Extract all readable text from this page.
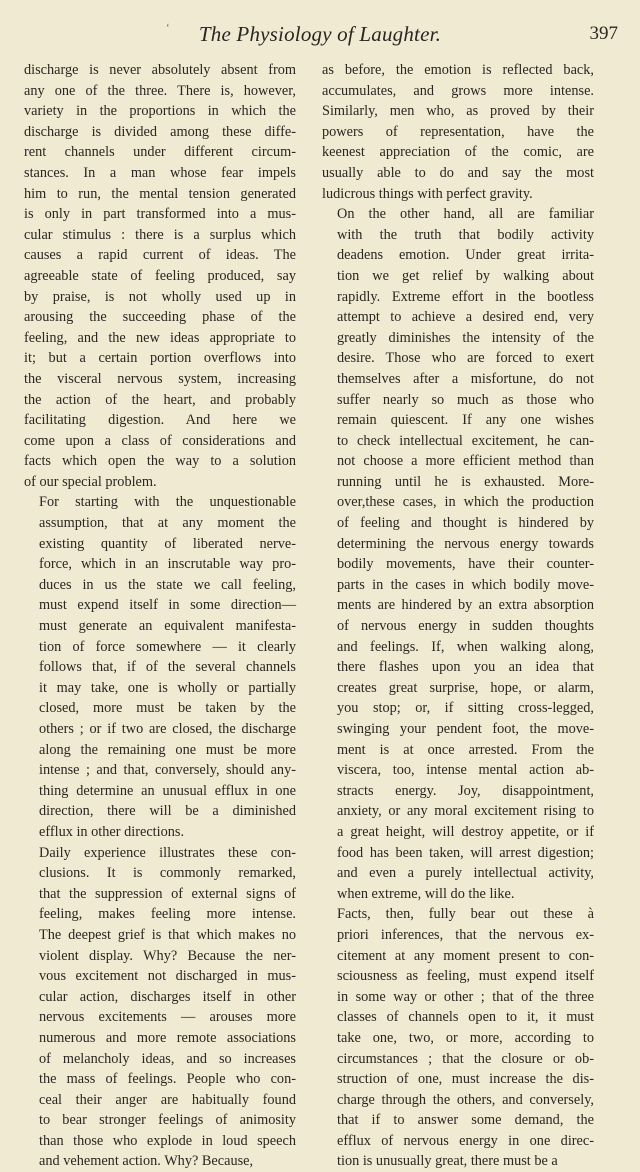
‘	The Physiology of Laughter.	397

discharge is never absolutely absent from
any one of the three. There is, however,
variety in the proportions in which the
discharge is divided among these diffe-
rent channels under different circum-
stances. In a man whose fear impels
him to run, the mental tension generated
is only in part transformed into a mus-
cular stimulus : there is a surplus which
causes a rapid current of ideas. The
agreeable state of feeling produced, say
by praise, is not wholly used up in
arousing the succeeding phase of the
feeling, and the new ideas appropriate to
it; but a certain portion overflows into
the visceral nervous system, increasing
the action of the heart, and probably
facilitating digestion. And here we
come upon a class of considerations and
facts which open the way to a solution
of our special problem.

For starting with the unquestionable
assumption, that at any moment the
existing quantity of liberated nerve-
force, which in an inscrutable way pro-
duces in us the state we call feeling,
must expend itself in some direction—
must generate an equivalent manifesta-
tion of force somewhere — it clearly
follows that, if of the several channels
it may take, one is wholly or partially
closed, more must be taken by the
others ; or if two are closed, the discharge
along the remaining one must be more
intense ; and that, conversely, should any-
thing determine an unusual efflux in one
direction, there will be a diminished
efflux in other directions.

Daily experience illustrates these con-
clusions. It is commonly remarked,
that the suppression of external signs of
feeling, makes feeling more intense.
The deepest grief is that which makes no
violent display. Why? Because the ner-
vous excitement not discharged in mus-
cular action, discharges itself in other
nervous excitements — arouses more
numerous and more remote associations
of melancholy ideas, and so increases
the mass of feelings. People who con-
ceal their anger are habitually found
to bear stronger feelings of animosity
than those who explode in loud speech
and vehement action. Why? Because,

as before, the emotion is reflected back,
accumulates, and grows more intense.
Similarly, men who, as proved by their
powers of representation, have the
keenest appreciation of the comic, are
usually able to do and say the most
ludicrous things with perfect gravity.

On the other hand, all are familiar
with the truth that bodily activity
deadens emotion. Under great irrita-
tion we get relief by walking about
rapidly. Extreme effort in the bootless
attempt to achieve a desired end, very
greatly diminishes the intensity of the
desire. Those who are forced to exert
themselves after a misfortune, do not
suffer nearly so much as those who
remain quiescent. If any one wishes
to check intellectual excitement, he can-
not choose a more efficient method than
running until he is exhausted. More-
over,these cases, in which the production
of feeling and thought is hindered by
determining the nervous energy towards
bodily movements, have their counter-
parts in the cases in which bodily move-
ments are hindered by an extra absorption
of nervous energy in sudden thoughts
and feelings. If, when walking along,
there flashes upon you an idea that
creates great surprise, hope, or alarm,
you stop; or, if sitting cross-legged,
swinging your pendent foot, the move-
ment is at once arrested. From the
viscera, too, intense mental action ab-
stracts energy. Joy, disappointment,
anxiety, or any moral excitement rising to
a great height, will destroy appetite, or if
food has been taken, will arrest digestion;
and even a purely intellectual activity,
when extreme, will do the like.

Facts, then, fully bear out these à
priori inferences, that the nervous ex-
citement at any moment present to con-
sciousness as feeling, must expend itself
in some way or other ; that of the three
classes of channels open to it, it must
take one, two, or more, according to
circumstances ; that the closure or ob-
struction of one, must increase the dis-
charge through the others, and conversely,
that if to answer some demand, the
efflux of nervous energy in one direc-
tion is unusually great, there must be a
